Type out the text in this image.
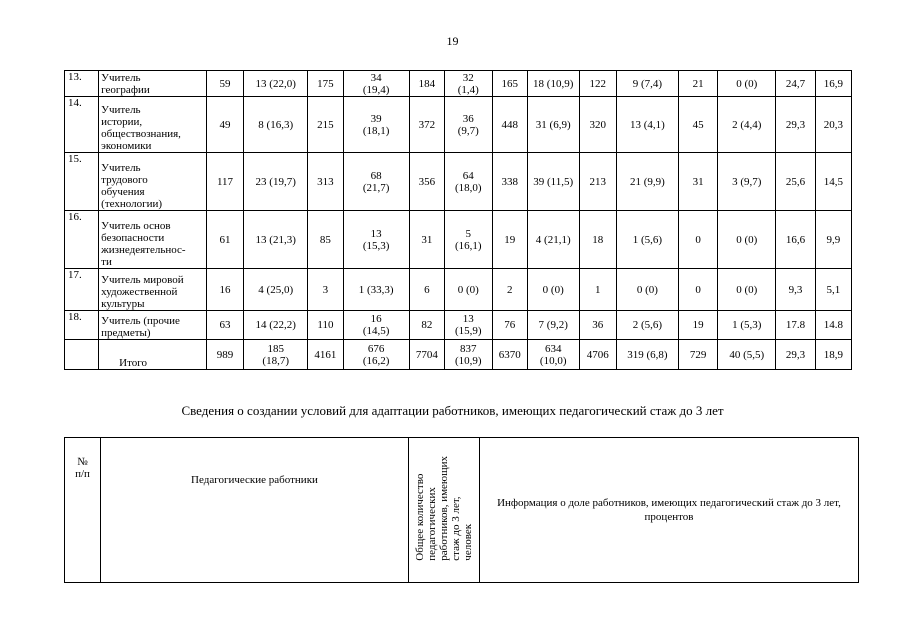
19
13.	Учитель
географии	59	13 (22,0)	175	34
(19,4)	184	32
(1,4)	165	18 (10,9)	122	9 (7,4)	21	0 (0)	24,7	16,9
14.	Учитель
истории,
обществознания,
экономики	49	8 (16,3)	215	39
(18,1)	372	36
(9,7)	448	31 (6,9)	320	13 (4,1)	45	2 (4,4)	29,3	20,3
15.	Учитель
трудового
обучения
(технологии)	117	23 (19,7)	313	68
(21,7)	356	64
(18,0)	338	39 (11,5)	213	21 (9,9)	31	3 (9,7)	25,6	14,5
16.	Учитель основ
безопасности
жизнедеятельнос-
ти	61	13 (21,3)	85	13
(15,3)	31	5
(16,1)	19	4 (21,1)	18	1 (5,6)	0	0 (0)	16,6	9,9
17.	Учитель мировой
художественной
культуры	16	4 (25,0)	3	1 (33,3)	6	0 (0)	2	0 (0)	1	0 (0)	0	0 (0)	9,3	5,1
18.	Учитель (прочие
предметы)	63	14 (22,2)	110	16
(14,5)	82	13
(15,9)	76	7 (9,2)	36	2 (5,6)	19	1 (5,3)	17.8	14.8
	Итого	989	185
(18,7)	4161	676
(16,2)	7704	837
(10,9)	6370	634
(10,0)	4706	319 (6,8)	729	40 (5,5)	29,3	18,9
Сведения о создании условий для адаптации работников, имеющих педагогический стаж до 3 лет
№
п/п	Педагогические работники	Общее количество
педагогических
работников, имеющих
стаж до 3 лет,
человек	Информация о доле работников, имеющих педагогический стаж до 3 лет, процентов
